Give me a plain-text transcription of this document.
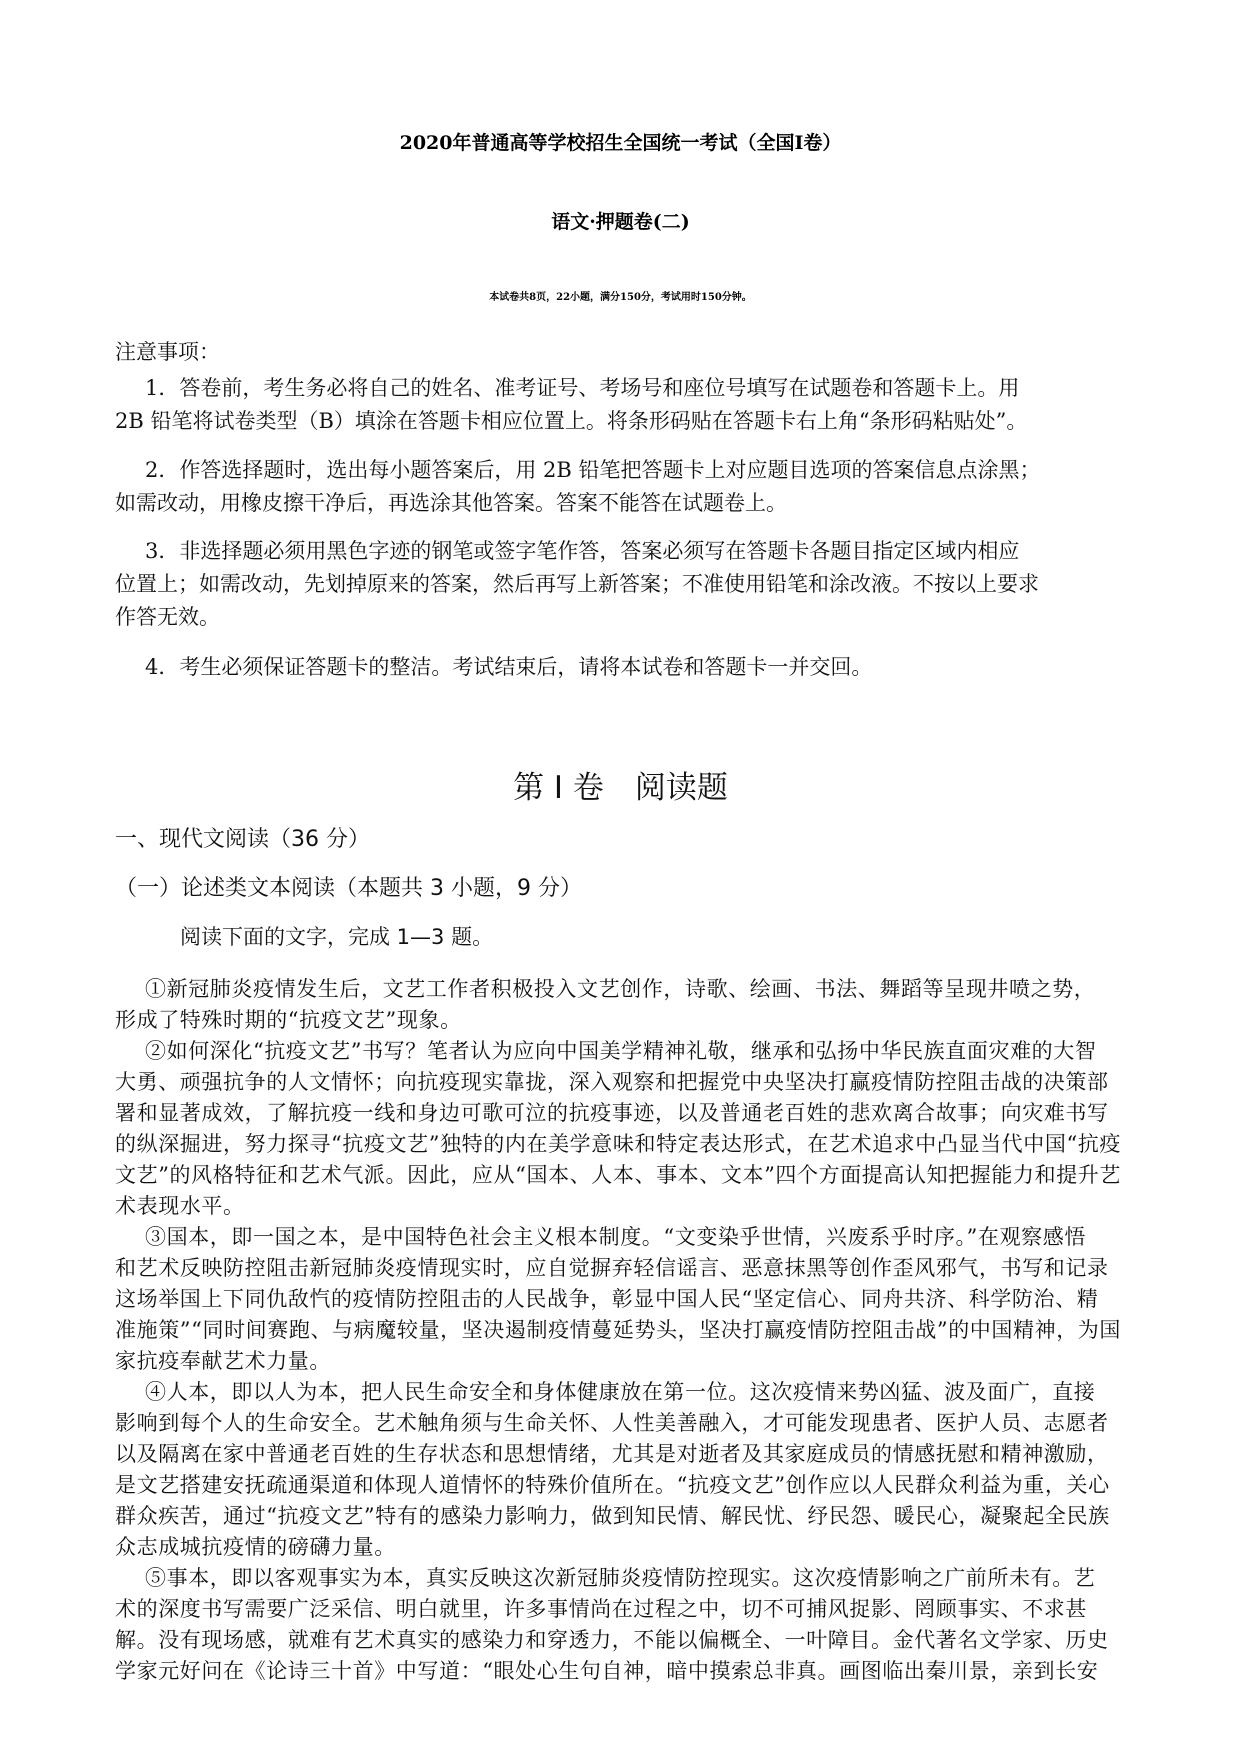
2020年普通高等学校招生全国统一考试（全国I卷）
语文·押题卷(二)
本试卷共8页，22小题，满分150分，考试用时150分钟。
注意事项：
1．答卷前，考生务必将自己的姓名、准考证号、考场号和座位号填写在试题卷和答题卡上。用
2B 铅笔将试卷类型（B）填涂在答题卡相应位置上。将条形码贴在答题卡右上角“条形码粘贴处”。
2．作答选择题时，选出每小题答案后，用 2B 铅笔把答题卡上对应题目选项的答案信息点涂黑；
如需改动，用橡皮擦干净后，再选涂其他答案。答案不能答在试题卷上。
3．非选择题必须用黑色字迹的钢笔或签字笔作答，答案必须写在答题卡各题目指定区域内相应
位置上；如需改动，先划掉原来的答案，然后再写上新答案；不准使用铅笔和涂改液。不按以上要求
作答无效。
4．考生必须保证答题卡的整洁。考试结束后，请将本试卷和答题卡一并交回。
第 I 卷　阅读题
一、现代文阅读（36 分）
（一）论述类文本阅读（本题共 3 小题，9 分）
阅读下面的文字，完成 1—3 题。
①新冠肺炎疫情发生后，文艺工作者积极投入文艺创作，诗歌、绘画、书法、舞蹈等呈现井喷之势，
形成了特殊时期的“抗疫文艺”现象。
②如何深化“抗疫文艺”书写？笔者认为应向中国美学精神礼敬，继承和弘扬中华民族直面灾难的大智
大勇、顽强抗争的人文情怀；向抗疫现实靠拢，深入观察和把握党中央坚决打赢疫情防控阻击战的决策部
署和显著成效，了解抗疫一线和身边可歌可泣的抗疫事迹，以及普通老百姓的悲欢离合故事；向灾难书写
的纵深掘进，努力探寻“抗疫文艺”独特的内在美学意味和特定表达形式，在艺术追求中凸显当代中国“抗疫
文艺”的风格特征和艺术气派。因此，应从“国本、人本、事本、文本”四个方面提高认知把握能力和提升艺
术表现水平。
③国本，即一国之本，是中国特色社会主义根本制度。“文变染乎世情，兴废系乎时序。”在观察感悟
和艺术反映防控阻击新冠肺炎疫情现实时，应自觉摒弃轻信谣言、恶意抹黑等创作歪风邪气，书写和记录
这场举国上下同仇敌忾的疫情防控阻击的人民战争，彰显中国人民“坚定信心、同舟共济、科学防治、精
准施策”“同时间赛跑、与病魔较量，坚决遏制疫情蔓延势头，坚决打赢疫情防控阻击战”的中国精神，为国
家抗疫奉献艺术力量。
④人本，即以人为本，把人民生命安全和身体健康放在第一位。这次疫情来势凶猛、波及面广，直接
影响到每个人的生命安全。艺术触角须与生命关怀、人性美善融入，才可能发现患者、医护人员、志愿者
以及隔离在家中普通老百姓的生存状态和思想情绪，尤其是对逝者及其家庭成员的情感抚慰和精神激励，
是文艺搭建安抚疏通渠道和体现人道情怀的特殊价值所在。“抗疫文艺”创作应以人民群众利益为重，关心
群众疾苦，通过“抗疫文艺”特有的感染力影响力，做到知民情、解民忧、纾民怨、暖民心，凝聚起全民族
众志成城抗疫情的磅礴力量。
⑤事本，即以客观事实为本，真实反映这次新冠肺炎疫情防控现实。这次疫情影响之广前所未有。艺
术的深度书写需要广泛采信、明白就里，许多事情尚在过程之中，切不可捕风捉影、罔顾事实、不求甚
解。没有现场感，就难有艺术真实的感染力和穿透力，不能以偏概全、一叶障目。金代著名文学家、历史
学家元好问在《论诗三十首》中写道：“眼处心生句自神，暗中摸索总非真。画图临出秦川景，亲到长安
